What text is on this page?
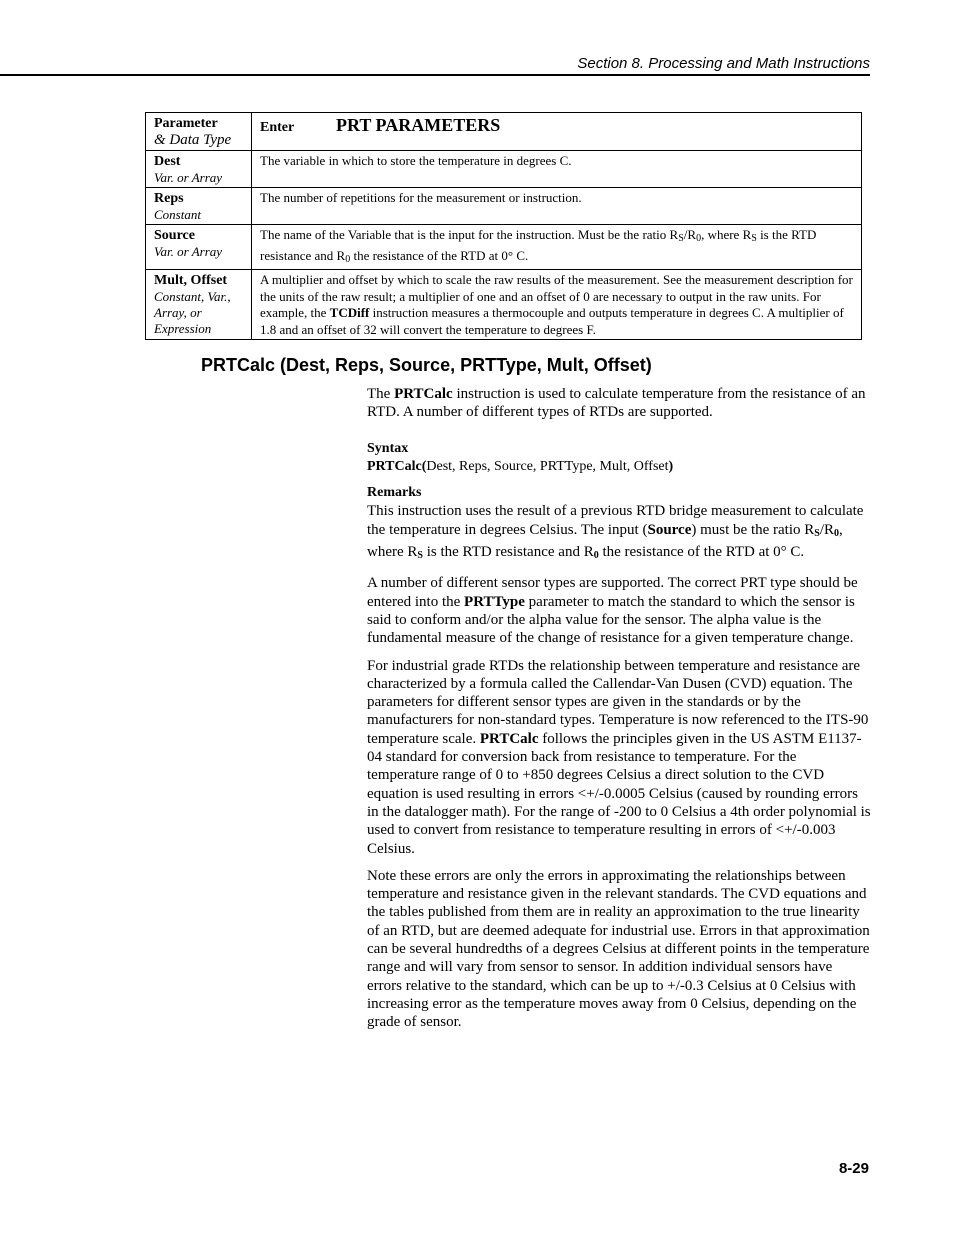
Section 8. Processing and Math Instructions
Parameter
& Data Type	Enter PRT PARAMETERS

Dest
Var. or Array	The variable in which to store the temperature in degrees C.

Reps
Constant	The number of repetitions for the measurement or instruction.

Source
Var. or Array	The name of the Variable that is the input for the instruction. Must be the ratio $R_S/R_0$, where $R_S$ is the RTD resistance and $R_0$ the resistance of the RTD at 0° C.

Mult, Offset
Constant, Var., Array, or Expression	A multiplier and offset by which to scale the raw results of the measurement. See the measurement description for the units of the raw result; a multiplier of one and an offset of 0 are necessary to output in the raw units. For example, the TCDiff instruction measures a thermocouple and outputs temperature in degrees C. A multiplier of 1.8 and an offset of 32 will convert the temperature to degrees F.
PRTCalc (Dest, Reps, Source, PRTType, Mult, Offset)

The PRTCalc instruction is used to calculate temperature from the resistance of an RTD. A number of different types of RTDs are supported.

Syntax

PRTCalc(Dest, Reps, Source, PRTType, Mult, Offset)

Remarks

This instruction uses the result of a previous RTD bridge measurement to calculate the temperature in degrees Celsius. The input (Source) must be the ratio $R_S/R_0$, where $R_S$ is the RTD resistance and $R_0$ the resistance of the RTD at 0° C.

A number of different sensor types are supported. The correct PRT type should be entered into the PRTType parameter to match the standard to which the sensor is said to conform and/or the alpha value for the sensor. The alpha value is the fundamental measure of the change of resistance for a given temperature change.

For industrial grade RTDs the relationship between temperature and resistance are characterized by a formula called the Callendar-Van Dusen (CVD) equation. The parameters for different sensor types are given in the standards or by the manufacturers for non-standard types. Temperature is now referenced to the ITS-90 temperature scale. PRTCalc follows the principles given in the US ASTM E1137-04 standard for conversion back from resistance to temperature. For the temperature range of 0 to +850 degrees Celsius a direct solution to the CVD equation is used resulting in errors <+/-0.0005 Celsius (caused by rounding errors in the datalogger math). For the range of -200 to 0 Celsius a 4th order polynomial is used to convert from resistance to temperature resulting in errors of <+/-0.003 Celsius.

Note these errors are only the errors in approximating the relationships between temperature and resistance given in the relevant standards. The CVD equations and the tables published from them are in reality an approximation to the true linearity of an RTD, but are deemed adequate for industrial use. Errors in that approximation can be several hundredths of a degrees Celsius at different points in the temperature range and will vary from sensor to sensor. In addition individual sensors have errors relative to the standard, which can be up to +/-0.3 Celsius at 0 Celsius with increasing error as the temperature moves away from 0 Celsius, depending on the grade of sensor.

8-29
